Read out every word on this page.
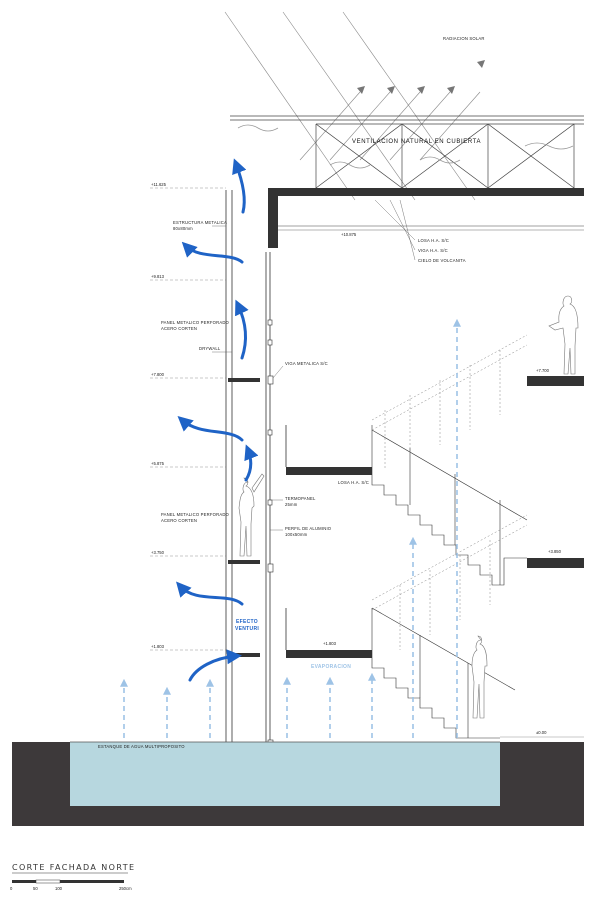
RADIACION SOLAR
VENTILACION NATURAL EN CUBIERTA
LOSA H.A. S/C
VIGA H.A. S/C
CIELO DE VOLCANITA
+10.875
+11.625
+9.813
+7.800
+5.875
+3.750
+1.803
ESTRUCTURA METALICA
80x80mm
PANEL METALICO PERFORADO
ACERO CORTEN
DRYWALL
VIGA METALICA S/C
PANEL METALICO PERFORADO
ACERO CORTEN
TERMOPANEL
25mm
PERFIL DE ALUMINIO
100x50mm
+7.700
+3.850
+1.803
LOSA H.A. S/C
ESTANQUE DE AGUA MULTIPROPOSITO
±0.00
EVAPORACION
EFECTO
VENTURI
CORTE FACHADA NORTE
0	50	100	250cm
